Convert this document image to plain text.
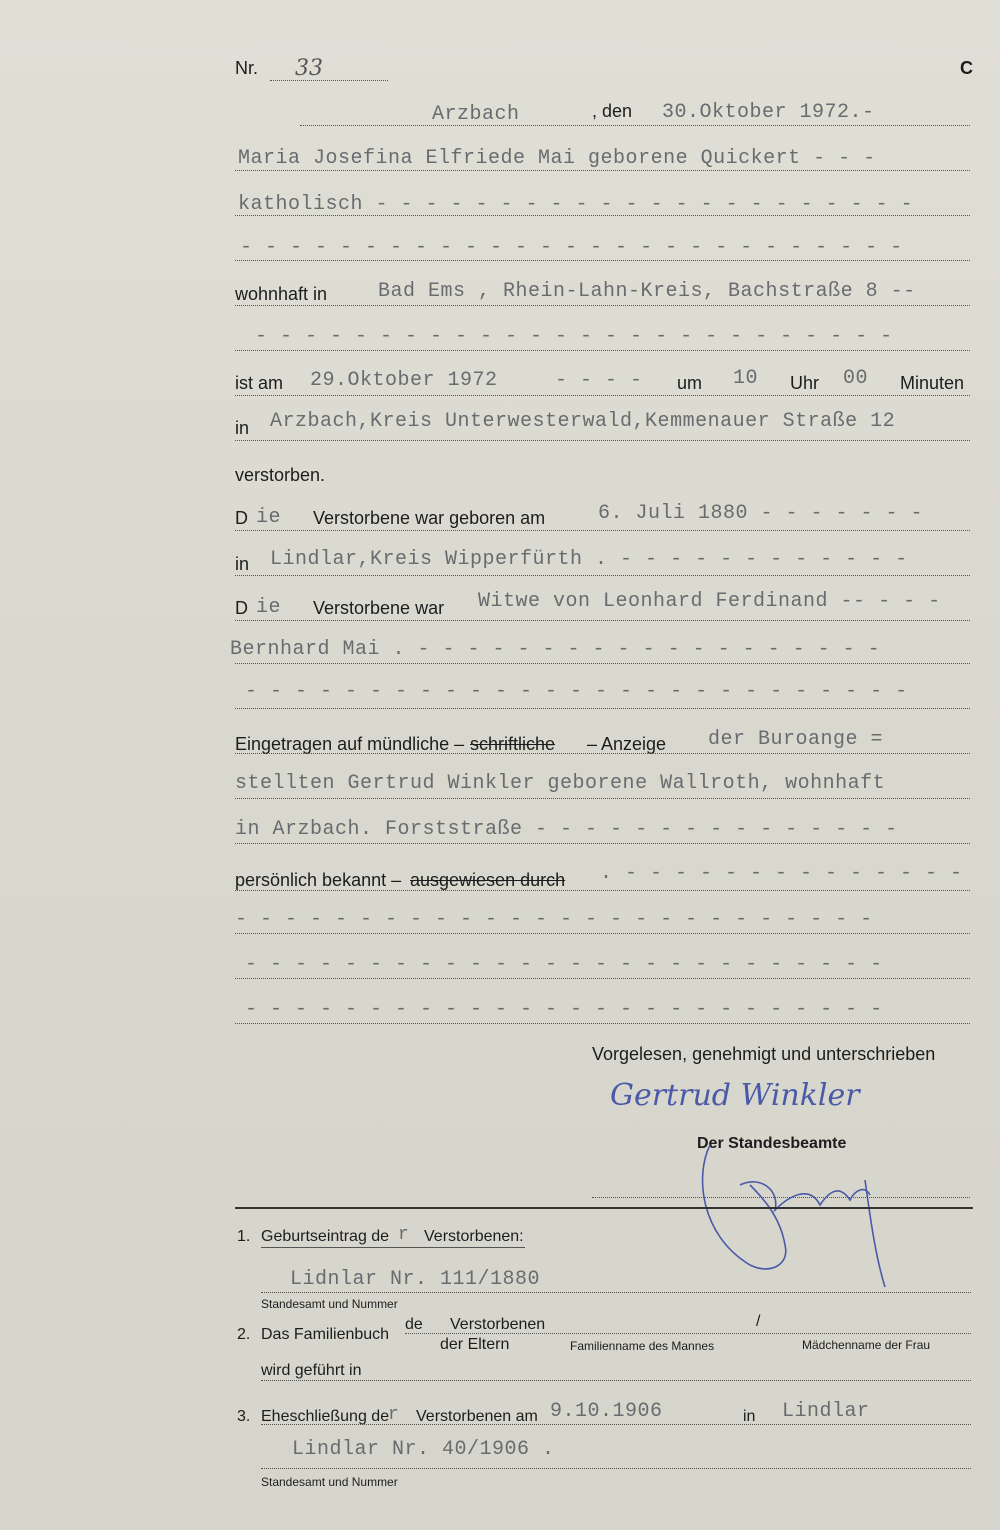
Nr. 33	C
Arzbach	, den 30.Oktober 1972.-
Maria Josefina Elfriede Mai geborene Quickert - - -
katholisch - - - - - - - - - - - - - - - - - - - - - -
- - - - - - - - - - - - - - - - - - - - - - - - - - -
wohnhaft in	Bad Ems , Rhein-Lahn-Kreis, Bachstraße 8 --
- - - - - - - - - - - - - - - - - - - - - - - - - -
ist am 29.Oktober 1972	- - - - um 10 Uhr 00 Minuten
in Arzbach,Kreis Unterwesterwald,Kemmenauer Straße 12
verstorben.
D ie Verstorbene war geboren am	6. Juli 1880 - - - - - - -
in Lindlar,Kreis Wipperfürth . - - - - - - - - - - - -
D ie Verstorbene war Witwe von Leonhard Ferdinand -- - - -
Bernhard Mai . - - - - - - - - - - - - - - - - - - -
- - - - - - - - - - - - - - - - - - - - - - - - - - -
Eingetragen auf mündliche – schriftliche – Anzeige der Buroange =
stellten Gertrud Winkler geborene Wallroth, wohnhaft
in Arzbach. Forststraße - - - - - - - - - - - - - - -
persönlich bekannt – ausgewiesen durch . - - - - - - - - - - - - - -
- - - - - - - - - - - - - - - - - - - - - - - - - -
- - - - - - - - - - - - - - - - - - - - - - - - - -
- - - - - - - - - - - - - - - - - - - - - - - - - -
Vorgelesen, genehmigt und unterschrieben
Gertrud Winkler
Der Standesbeamte
1. Geburtseintrag de r Verstorbenen:
Lidnlar Nr. 111/1880
Standesamt und Nummer
2. Das Familienbuch
de Verstorbenen
der Eltern
/
Familienname des Mannes	Mädchenname der Frau
wird geführt in
3. Eheschließung de
r Verstorbenen am 9.10.1906	in Lindlar
Lindlar Nr. 40/1906 .
Standesamt und Nummer
